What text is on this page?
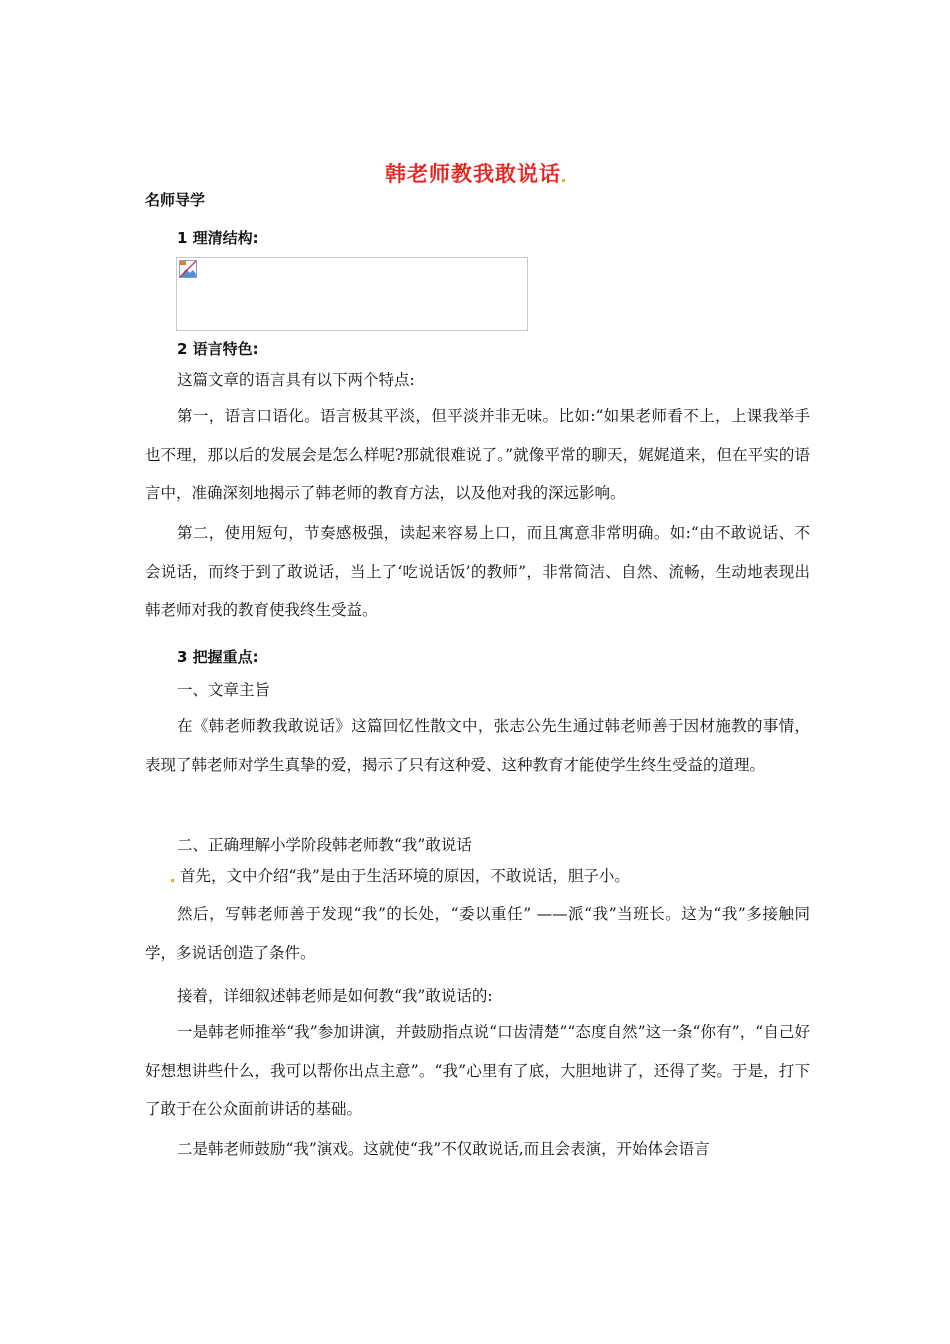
韩老师教我敢说话
名师导学
1 理清结构:
2 语言特色:
这篇文章的语言具有以下两个特点:
第一，语言口语化。语言极其平淡，但平淡并非无味。比如:“如果老师看不上，上课我举手也不理，那以后的发展会是怎么样呢?那就很难说了。”就像平常的聊天，娓娓道来，但在平实的语言中，准确深刻地揭示了韩老师的教育方法，以及他对我的深远影响。
第二，使用短句，节奏感极强，读起来容易上口，而且寓意非常明确。如:“由不敢说话、不会说话，而终于到了敢说话，当上了‘吃说话饭’的教师”，非常简洁、自然、流畅，生动地表现出韩老师对我的教育使我终生受益。
3 把握重点:
一、文章主旨
在《韩老师教我敢说话》这篇回忆性散文中，张志公先生通过韩老师善于因材施教的事情，表现了韩老师对学生真挚的爱，揭示了只有这种爱、这种教育才能使学生终生受益的道理。
二、正确理解小学阶段韩老师教“我”敢说话
首先，文中介绍“我”是由于生活环境的原因，不敢说话，胆子小。
然后，写韩老师善于发现“我”的长处，“委以重任” ——派“我”当班长。这为“我”多接触同学，多说话创造了条件。
接着，详细叙述韩老师是如何教“我”敢说话的:
一是韩老师推举“我”参加讲演，并鼓励指点说“口齿清楚”“态度自然”这一条“你有”，“自己好好想想讲些什么，我可以帮你出点主意”。“我”心里有了底，大胆地讲了，还得了奖。于是，打下了敢于在公众面前讲话的基础。
二是韩老师鼓励“我”演戏。这就使“我”不仅敢说话,而且会表演，开始体会语言
